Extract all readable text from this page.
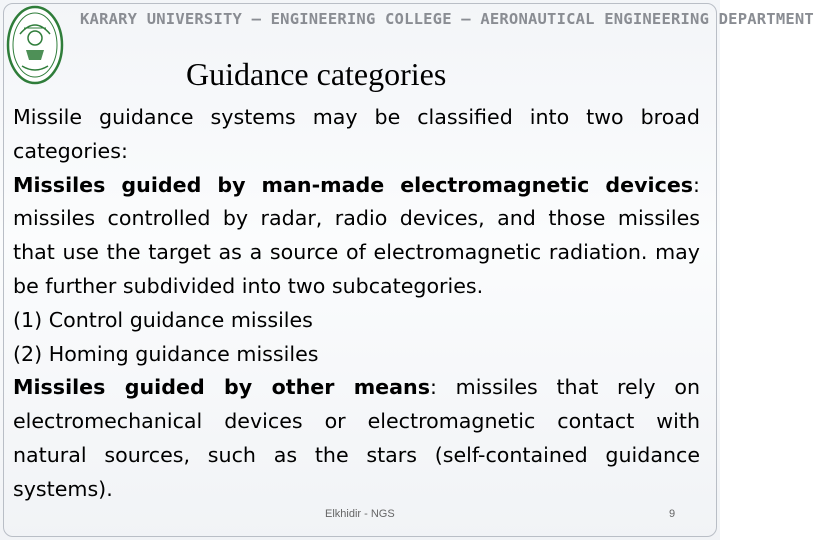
KARARY UNIVERSITY – ENGINEERING COLLEGE – AERONAUTICAL ENGINEERING DEPARTMENT
Guidance categories

Missile guidance systems may be classified into two broad categories:

Missiles guided by man-made electromagnetic devices: missiles controlled by radar, radio devices, and those missiles that use the target as a source of electromagnetic radiation. may be further subdivided into two subcategories.

(1) Control guidance missiles

(2) Homing guidance missiles

Missiles guided by other means: missiles that rely on electromechanical devices or electromagnetic contact with natural sources, such as the stars (self-contained guidance systems).

Elkhidir - NGS	9
